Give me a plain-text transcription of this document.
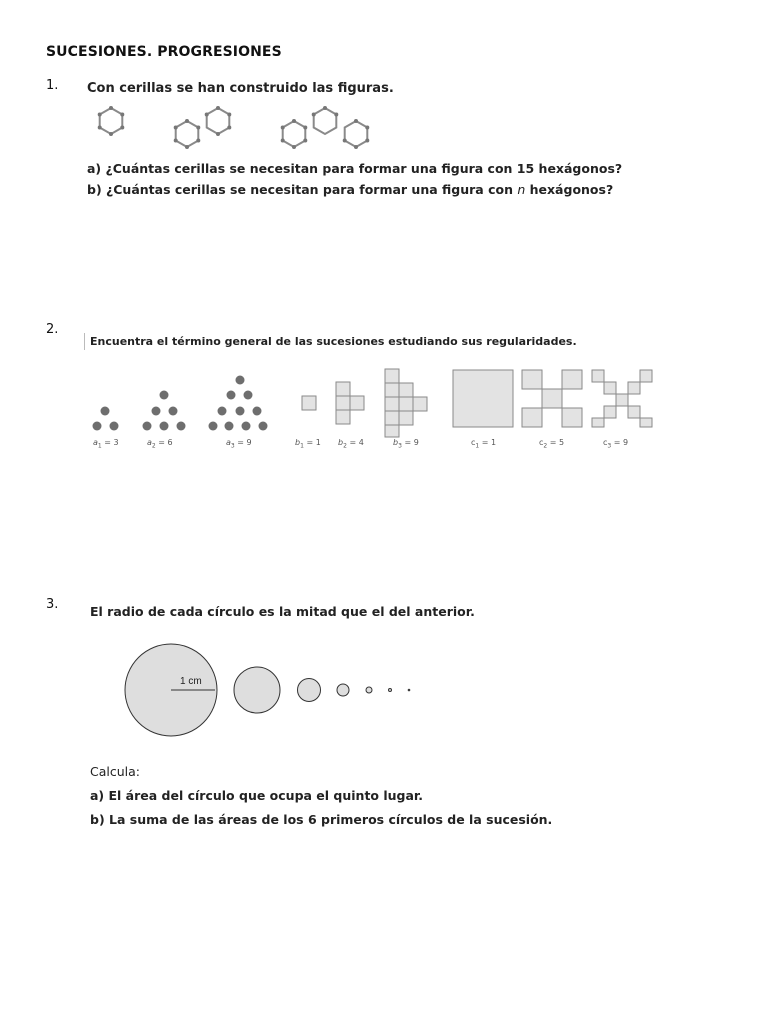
SUCESIONES. PROGRESIONES
1. Con cerillas se han construido las figuras.
a) ¿Cuántas cerillas se necesitan para formar una figura con 15 hexágonos?
b) ¿Cuántas cerillas se necesitan para formar una figura con n hexágonos?
2.
Encuentra el término general de las sucesiones estudiando sus regularidades.
$a_1 = 3$	$a_2 = 6$	$a_3 = 9$	$b_1 = 1$ $b_2 = 4$	$b_3 = 9$	$c_1 = 1$	$c_2 = 5$	$c_3 = 9$
3.	El radio de cada círculo es la mitad que el del anterior.
1 cm
Calcula:
a) El área del círculo que ocupa el quinto lugar.
b) La suma de las áreas de los 6 primeros círculos de la sucesión.
